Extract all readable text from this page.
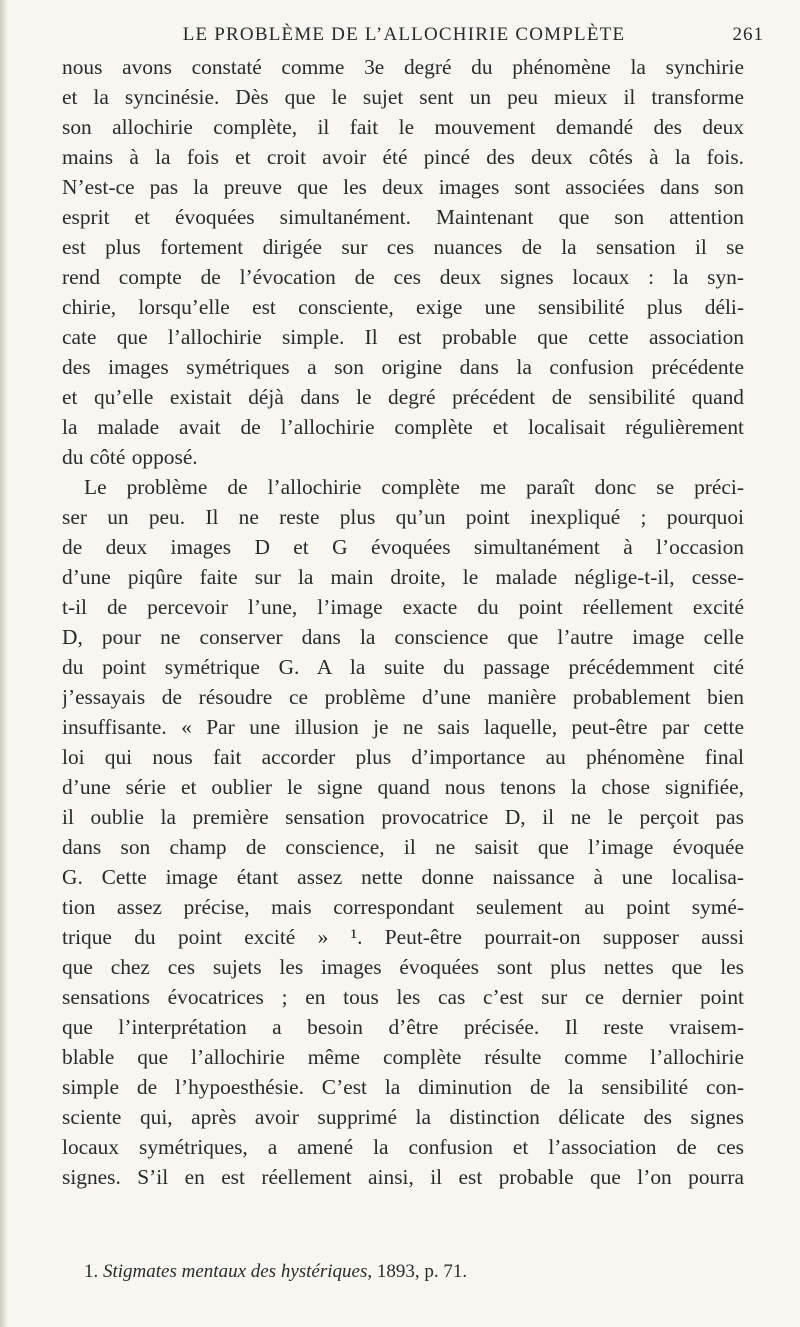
LE PROBLÈME DE L’ALLOCHIRIE COMPLÈTE	261
nous avons constaté comme 3e degré du phénomène la synchirie
et la syncinésie. Dès que le sujet sent un peu mieux il transforme
son allochirie complète, il fait le mouvement demandé des deux
mains à la fois et croit avoir été pincé des deux côtés à la fois.
N’est-ce pas la preuve que les deux images sont associées dans son
esprit et évoquées simultanément. Maintenant que son attention
est plus fortement dirigée sur ces nuances de la sensation il se
rend compte de l’évocation de ces deux signes locaux : la syn-
chirie, lorsqu’elle est consciente, exige une sensibilité plus déli-
cate que l’allochirie simple. Il est probable que cette association
des images symétriques a son origine dans la confusion précédente
et qu’elle existait déjà dans le degré précédent de sensibilité quand
la malade avait de l’allochirie complète et localisait régulièrement
du côté opposé.
Le problème de l’allochirie complète me paraît donc se préci-
ser un peu. Il ne reste plus qu’un point inexpliqué ; pourquoi
de deux images D et G évoquées simultanément à l’occasion
d’une piqûre faite sur la main droite, le malade néglige-t-il, cesse-
t-il de percevoir l’une, l’image exacte du point réellement excité
D, pour ne conserver dans la conscience que l’autre image celle
du point symétrique G. A la suite du passage précédemment cité
j’essayais de résoudre ce problème d’une manière probablement bien
insuffisante. « Par une illusion je ne sais laquelle, peut-être par cette
loi qui nous fait accorder plus d’importance au phénomène final
d’une série et oublier le signe quand nous tenons la chose signifiée,
il oublie la première sensation provocatrice D, il ne le perçoit pas
dans son champ de conscience, il ne saisit que l’image évoquée
G. Cette image étant assez nette donne naissance à une localisa-
tion assez précise, mais correspondant seulement au point symé-
trique du point excité » ¹. Peut-être pourrait-on supposer aussi
que chez ces sujets les images évoquées sont plus nettes que les
sensations évocatrices ; en tous les cas c’est sur ce dernier point
que l’interprétation a besoin d’être précisée. Il reste vraisem-
blable que l’allochirie même complète résulte comme l’allochirie
simple de l’hypoesthésie. C’est la diminution de la sensibilité con-
sciente qui, après avoir supprimé la distinction délicate des signes
locaux symétriques, a amené la confusion et l’association de ces
signes. S’il en est réellement ainsi, il est probable que l’on pourra
1. Stigmates mentaux des hystériques, 1893, p. 71.
